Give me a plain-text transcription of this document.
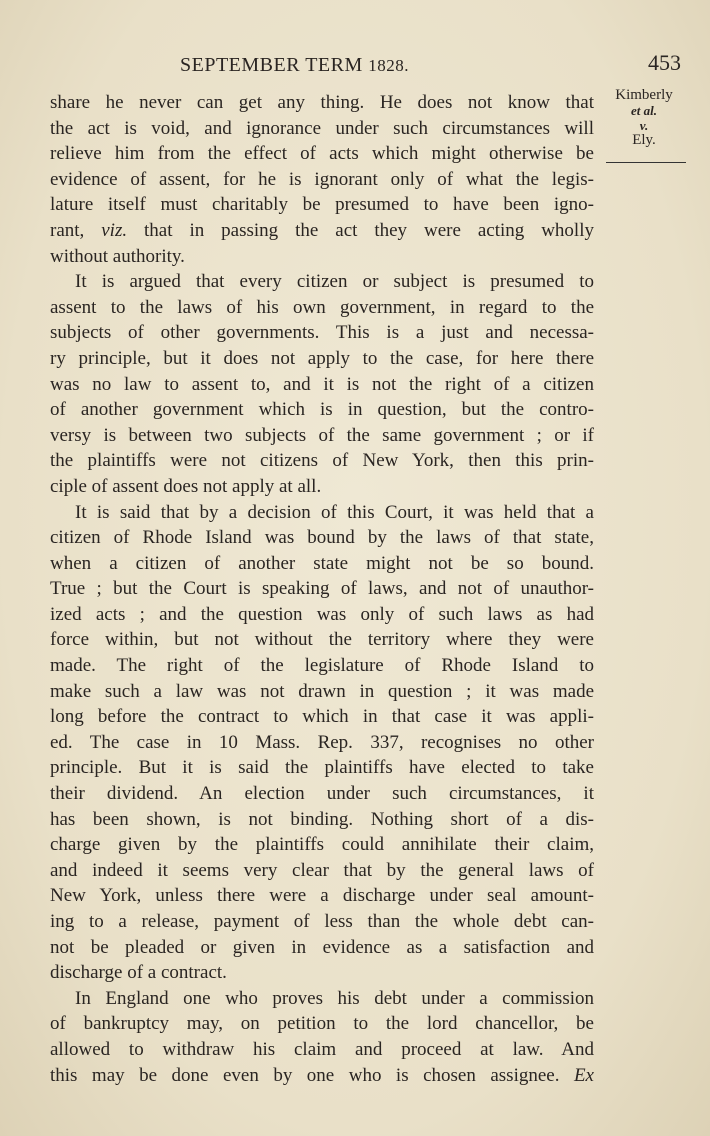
SEPTEMBER TERM 1828.	453
Kimberly
et al.
v.
Ely.
share he never can get any thing. He does not know that
the act is void, and ignorance under such circumstances will
relieve him from the effect of acts which might otherwise be
evidence of assent, for he is ignorant only of what the legis-
lature itself must charitably be presumed to have been igno-
rant, viz. that in passing the act they were acting wholly
without authority.
It is argued that every citizen or subject is presumed to
assent to the laws of his own government, in regard to the
subjects of other governments. This is a just and necessa-
ry principle, but it does not apply to the case, for here there
was no law to assent to, and it is not the right of a citizen
of another government which is in question, but the contro-
versy is between two subjects of the same government ; or if
the plaintiffs were not citizens of New York, then this prin-
ciple of assent does not apply at all.
It is said that by a decision of this Court, it was held that a
citizen of Rhode Island was bound by the laws of that state,
when a citizen of another state might not be so bound.
True ; but the Court is speaking of laws, and not of unauthor-
ized acts ; and the question was only of such laws as had
force within, but not without the territory where they were
made. The right of the legislature of Rhode Island to
make such a law was not drawn in question ; it was made
long before the contract to which in that case it was appli-
ed. The case in 10 Mass. Rep. 337, recognises no other
principle. But it is said the plaintiffs have elected to take
their dividend. An election under such circumstances, it
has been shown, is not binding. Nothing short of a dis-
charge given by the plaintiffs could annihilate their claim,
and indeed it seems very clear that by the general laws of
New York, unless there were a discharge under seal amount-
ing to a release, payment of less than the whole debt can-
not be pleaded or given in evidence as a satisfaction and
discharge of a contract.
In England one who proves his debt under a commission
of bankruptcy may, on petition to the lord chancellor, be
allowed to withdraw his claim and proceed at law. And
this may be done even by one who is chosen assignee. Ex
